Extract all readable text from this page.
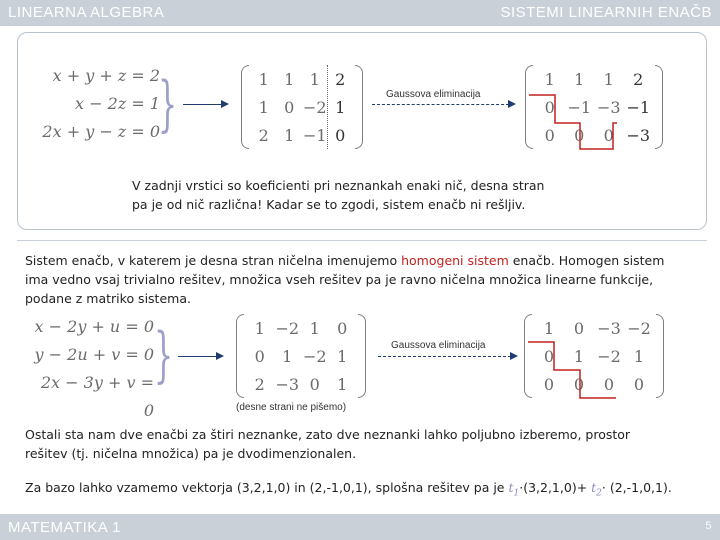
LINEARNA ALGEBRA	SISTEMI LINEARNIH ENAČB
x + y + z = 2
x − 2z = 1
2x + y − z = 0
}	1 1 1 2
1 0 −2 1
2 1 −1 0
Gaussova eliminacija
1	1	1	2
0 −1 −3 −1
0	0	0 −3
V zadnji vrstici so koeficienti pri neznankah enaki nič, desna stran
pa je od nič različna! Kadar se to zgodi, sistem enačb ni rešljiv.
Sistem enačb, v katerem je desna stran ničelna imenujemo homogeni sistem enačb. Homogen sistem
ima vedno vsaj trivialno rešitev, množica vseh rešitev pa je ravno ničelna množica linearne funkcije,
podane z matriko sistema.
x − 2y + u = 0
y − 2u + v = 0
2x − 3y + v = 0
}	1 −2 1	0
0	1 −2 1
2 −3 0	1
(desne strani ne pišemo)
Gaussova eliminacija
1	0 −3 −2
0	1 −2 1
0	0	0	0
Ostali sta nam dve enačbi za štiri neznanke, zato dve neznanki lahko poljubno izberemo, prostor
rešitev (tj. ničelna množica) pa je dvodimenzionalen.
Za bazo lahko vzamemo vektorja (3,2,1,0) in (2,-1,0,1), splošna rešitev pa je $t_1\cdot(3,2,1,0)+ t_2\cdot (2,-1,0,1)$.
MATEMATIKA 1	5
